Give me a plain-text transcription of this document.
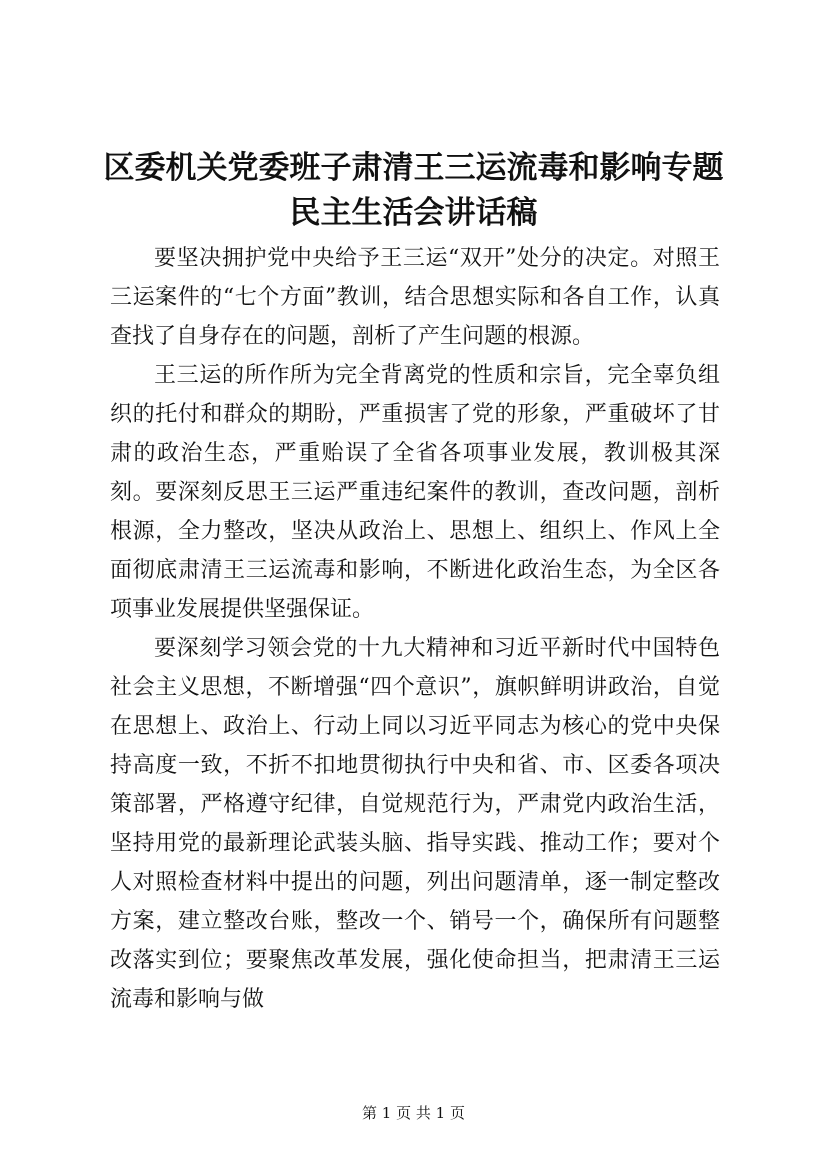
区委机关党委班子肃清王三运流毒和影响专题民主生活会讲话稿

要坚决拥护党中央给予王三运“双开”处分的决定。对照王三运案件的“七个方面”教训，结合思想实际和各自工作，认真查找了自身存在的问题，剖析了产生问题的根源。

王三运的所作所为完全背离党的性质和宗旨，完全辜负组织的托付和群众的期盼，严重损害了党的形象，严重破坏了甘肃的政治生态，严重贻误了全省各项事业发展，教训极其深刻。要深刻反思王三运严重违纪案件的教训，查改问题，剖析根源，全力整改，坚决从政治上、思想上、组织上、作风上全面彻底肃清王三运流毒和影响，不断进化政治生态，为全区各项事业发展提供坚强保证。

要深刻学习领会党的十九大精神和习近平新时代中国特色社会主义思想，不断增强“四个意识”，旗帜鲜明讲政治，自觉在思想上、政治上、行动上同以习近平同志为核心的党中央保持高度一致，不折不扣地贯彻执行中央和省、市、区委各项决策部署，严格遵守纪律，自觉规范行为，严肃党内政治生活，坚持用党的最新理论武装头脑、指导实践、推动工作；要对个人对照检查材料中提出的问题，列出问题清单，逐一制定整改方案，建立整改台账，整改一个、销号一个，确保所有问题整改落实到位；要聚焦改革发展，强化使命担当，把肃清王三运流毒和影响与做

第 1 页 共 1 页
